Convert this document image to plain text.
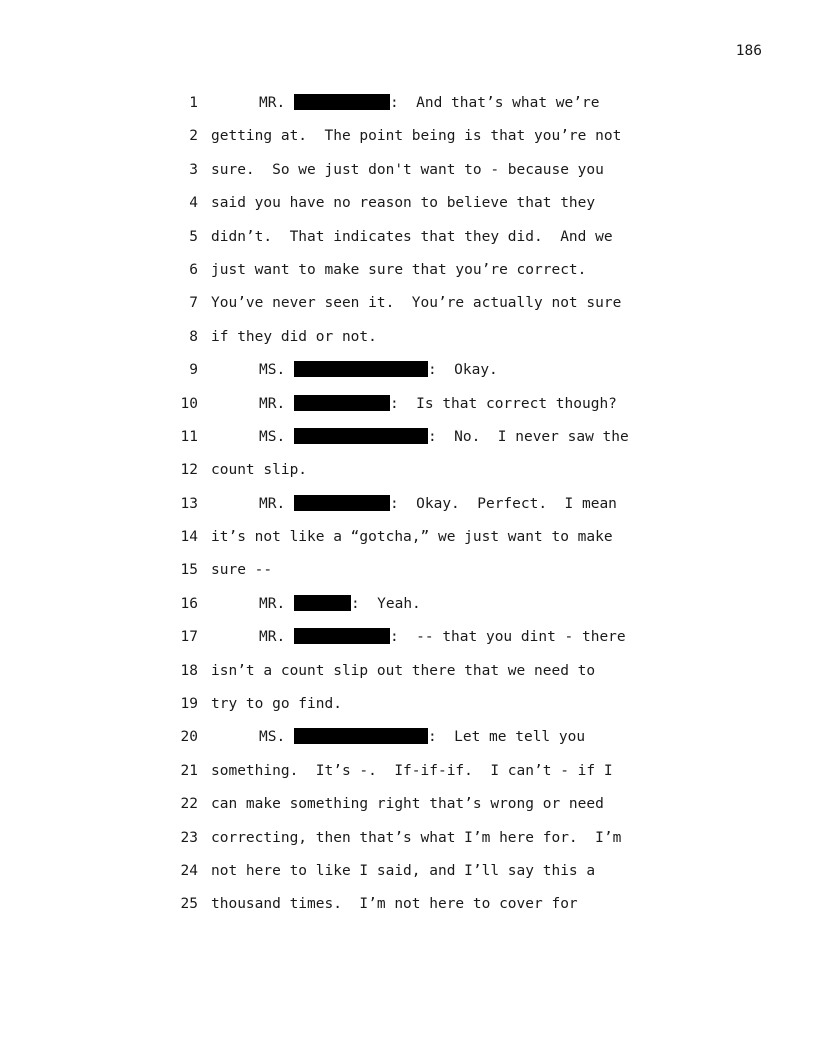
186
1	MR.	:  And that’s what we’re
2 getting at.  The point being is that you’re not
3 sure.  So we just don't want to - because you
4 said you have no reason to believe that they
5 didn’t.  That indicates that they did.  And we
6 just want to make sure that you’re correct.
7 You’ve never seen it.  You’re actually not sure
8 if they did or not.
9	MS.	:  Okay.
10	MR.	:  Is that correct though?
11	MS.	:  No.  I never saw the
12 count slip.
13	MR.	:  Okay.  Perfect.  I mean
14 it’s not like a “gotcha,” we just want to make
15 sure --
16	MR.	:  Yeah.
17	MR.	:  -- that you dint - there
18 isn’t a count slip out there that we need to
19 try to go find.
20	MS.	:  Let me tell you
21 something.  It’s -.  If-if-if.  I can’t - if I
22 can make something right that’s wrong or need
23 correcting, then that’s what I’m here for.  I’m
24 not here to like I said, and I’ll say this a
25 thousand times.  I’m not here to cover for
